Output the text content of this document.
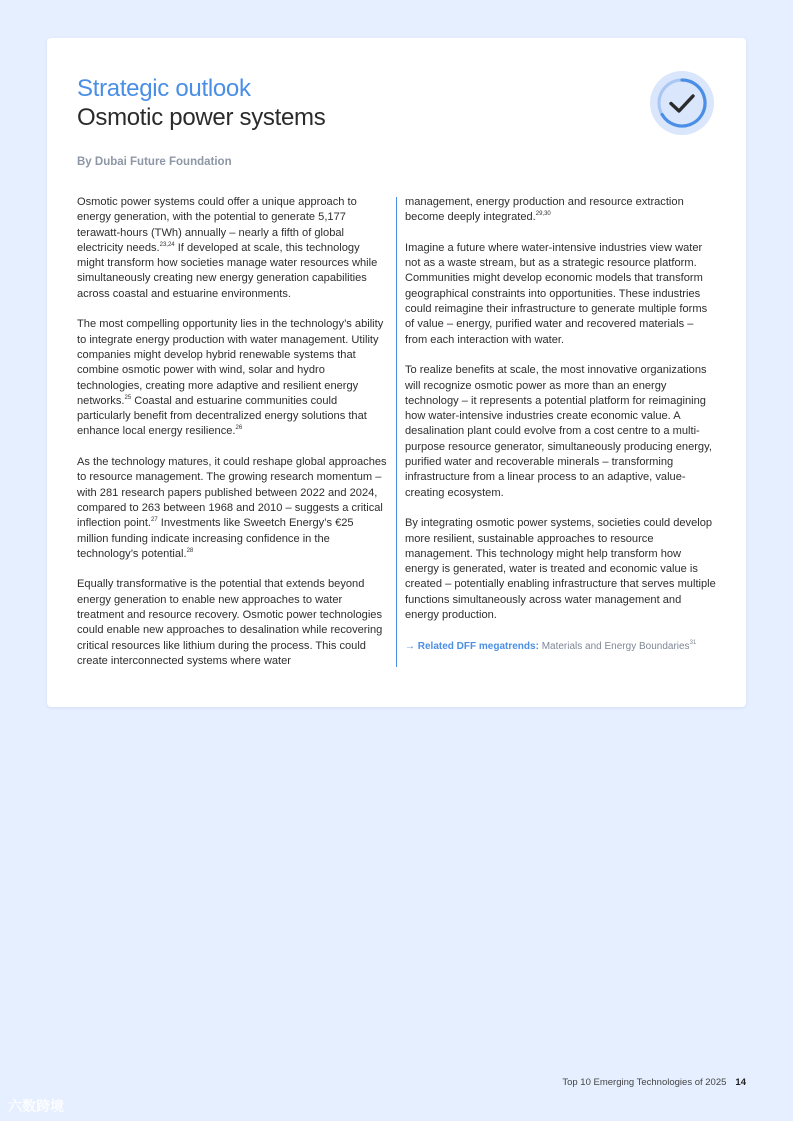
Strategic outlook
Osmotic power systems
By Dubai Future Foundation

Osmotic power systems could offer a unique approach to energy generation, with the potential to generate 5,177 terawatt-hours (TWh) annually – nearly a fifth of global electricity needs.$^{23,24}$ If developed at scale, this technology might transform how societies manage water resources while simultaneously creating new energy generation capabilities across coastal and estuarine environments.

The most compelling opportunity lies in the technology’s ability to integrate energy production with water management. Utility companies might develop hybrid renewable systems that combine osmotic power with wind, solar and hydro technologies, creating more adaptive and resilient energy networks.$^{25}$ Coastal and estuarine communities could particularly benefit from decentralized energy solutions that enhance local energy resilience.$^{26}$

As the technology matures, it could reshape global approaches to resource management. The growing research momentum – with 281 research papers published between 2022 and 2024, compared to 263 between 1968 and 2010 – suggests a critical inflection point.$^{27}$ Investments like Sweetch Energy’s €25 million funding indicate increasing confidence in the technology’s potential.$^{28}$

Equally transformative is the potential that extends beyond energy generation to enable new approaches to water treatment and resource recovery. Osmotic power technologies could enable new approaches to desalination while recovering critical resources like lithium during the process. This could create interconnected systems where water

management, energy production and resource extraction become deeply integrated.$^{29,30}$

Imagine a future where water-intensive industries view water not as a waste stream, but as a strategic resource platform. Communities might develop economic models that transform geographical constraints into opportunities. These industries could reimagine their infrastructure to generate multiple forms of value – energy, purified water and recovered materials – from each interaction with water.

To realize benefits at scale, the most innovative organizations will recognize osmotic power as more than an energy technology – it represents a potential platform for reimagining how water-intensive industries create economic value. A desalination plant could evolve from a cost centre to a multi-purpose resource generator, simultaneously producing energy, purified water and recoverable minerals – transforming infrastructure from a linear process to an adaptive, value-creating ecosystem.

By integrating osmotic power systems, societies could develop more resilient, sustainable approaches to resource management. This technology might help transform how energy is generated, water is treated and economic value is created – potentially enabling infrastructure that serves multiple functions simultaneously across water management and energy production.

→ Related DFF megatrends: Materials and Energy Boundaries$^{31}$
Top 10 Emerging Technologies of 2025 14
六数跨境
